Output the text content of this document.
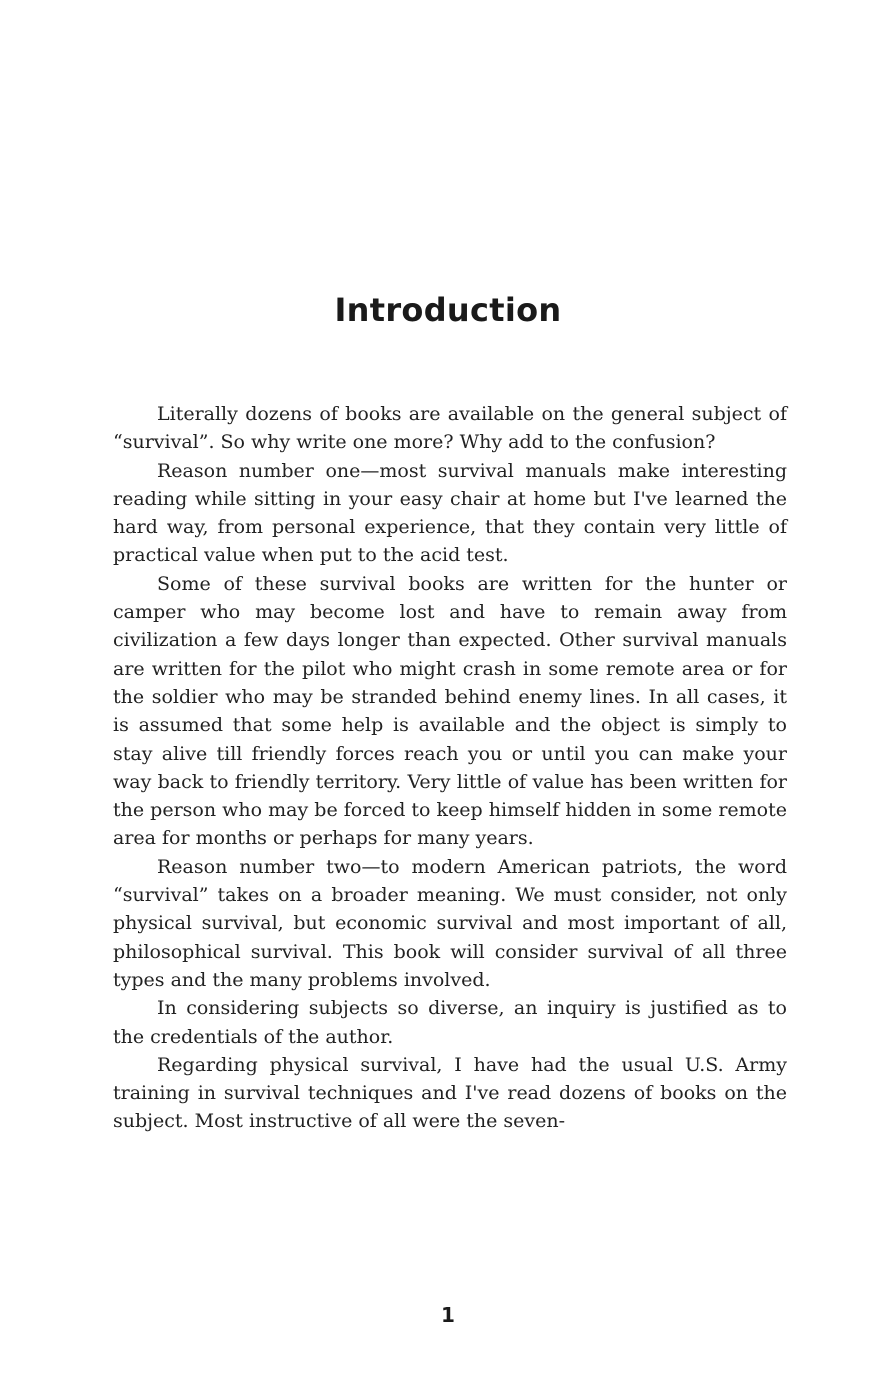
Introduction

Literally dozens of books are available on the general subject of “survival”. So why write one more? Why add to the confusion?

Reason number one—most survival manuals make interesting reading while sitting in your easy chair at home but I've learned the hard way, from personal experience, that they contain very little of practical value when put to the acid test.

Some of these survival books are written for the hunter or camper who may become lost and have to remain away from civilization a few days longer than expected. Other survival manuals are written for the pilot who might crash in some remote area or for the soldier who may be stranded behind enemy lines. In all cases, it is assumed that some help is available and the object is simply to stay alive till friendly forces reach you or until you can make your way back to friendly territory. Very little of value has been written for the person who may be forced to keep himself hidden in some remote area for months or perhaps for many years.

Reason number two—to modern American patriots, the word “survival” takes on a broader meaning. We must consider, not only physical survival, but economic survival and most important of all, philosophical survival. This book will consider survival of all three types and the many problems involved.

In considering subjects so diverse, an inquiry is justified as to the credentials of the author.

Regarding physical survival, I have had the usual U.S. Army training in survival techniques and I've read dozens of books on the subject. Most instructive of all were the seven-

1
